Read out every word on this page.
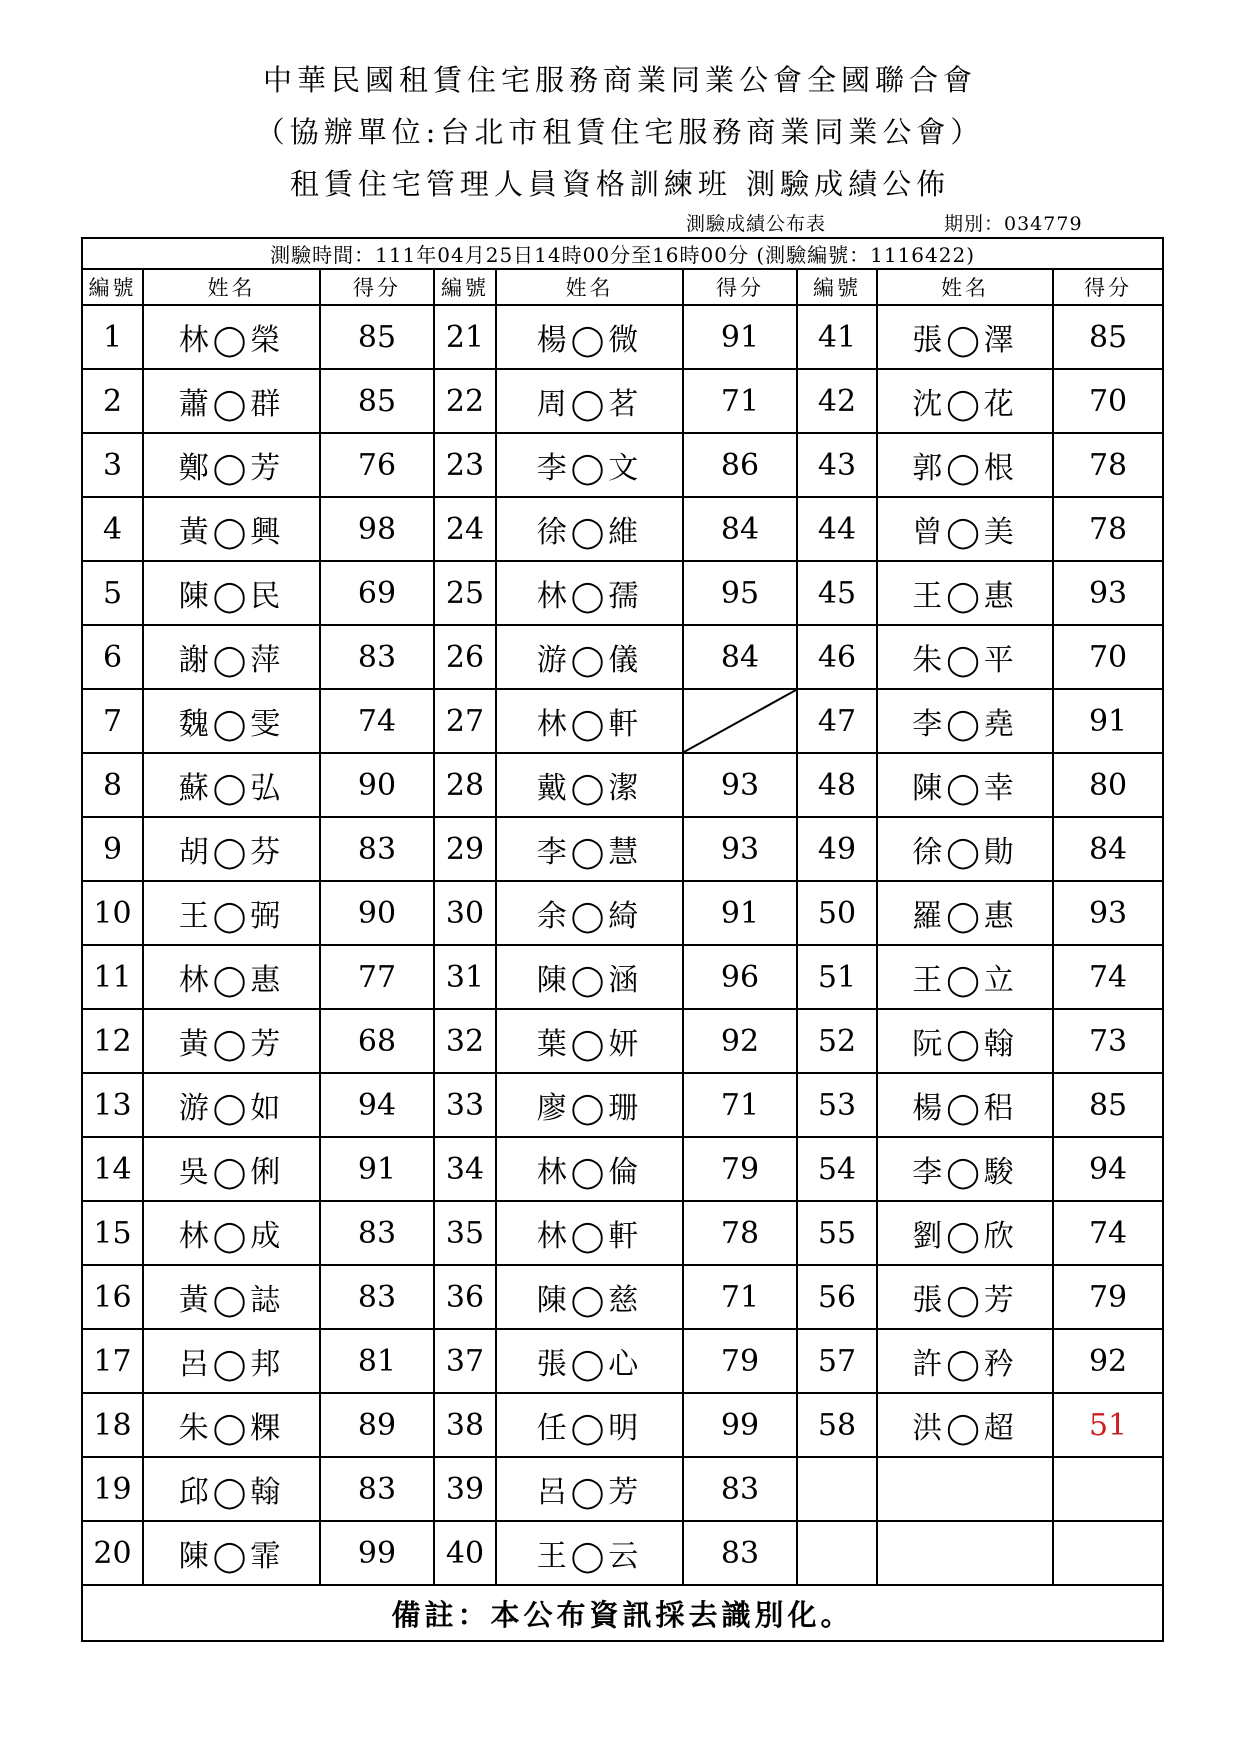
中華民國租賃住宅服務商業同業公會全國聯合會
（協辦單位:台北市租賃住宅服務商業同業公會）
租賃住宅管理人員資格訓練班 測驗成績公佈
測驗成績公布表	期別：034779
測驗時間：111年04月25日14時00分至16時00分 (測驗編號：1116422)								
編號	姓名	得分	編號	姓名	得分	編號	姓名	得分
1	林◯榮	85	21	楊◯微	91	41	張◯澤	85
2	蕭◯群	85	22	周◯茗	71	42	沈◯花	70
3	鄭◯芳	76	23	李◯文	86	43	郭◯根	78
4	黃◯興	98	24	徐◯維	84	44	曾◯美	78
5	陳◯民	69	25	林◯孺	95	45	王◯惠	93
6	謝◯萍	83	26	游◯儀	84	46	朱◯平	70
7	魏◯雯	74	27	林◯軒		47	李◯堯	91
8	蘇◯弘	90	28	戴◯潔	93	48	陳◯幸	80
9	胡◯芬	83	29	李◯慧	93	49	徐◯勛	84
10	王◯弼	90	30	余◯綺	91	50	羅◯惠	93
11	林◯惠	77	31	陳◯涵	96	51	王◯立	74
12	黃◯芳	68	32	葉◯妍	92	52	阮◯翰	73
13	游◯如	94	33	廖◯珊	71	53	楊◯稆	85
14	吳◯俐	91	34	林◯倫	79	54	李◯駿	94
15	林◯成	83	35	林◯軒	78	55	劉◯欣	74
16	黃◯誌	83	36	陳◯慈	71	56	張◯芳	79
17	呂◯邦	81	37	張◯心	79	57	許◯矜	92
18	朱◯粿	89	38	任◯明	99	58	洪◯超	51
19	邱◯翰	83	39	呂◯芳	83			
20	陳◯霏	99	40	王◯云	83			
備註：本公布資訊採去識別化。								
